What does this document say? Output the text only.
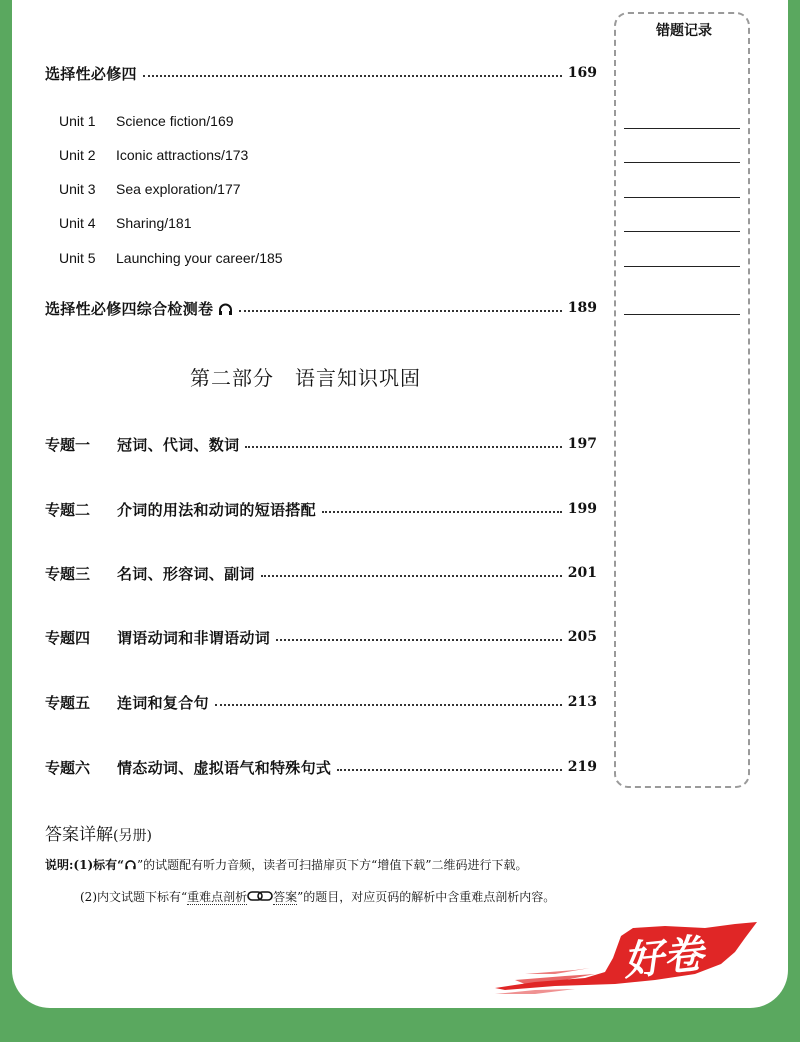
错题记录
选择性必修四	169
Unit 1 Science fiction/169
Unit 2 Iconic attractions/173
Unit 3 Sea exploration/177
Unit 4 Sharing/181
Unit 5 Launching your career/185
选择性必修四综合检测卷	189
第二部分　语言知识巩固
专题一	冠词、代词、数词	197
专题二	介词的用法和动词的短语搭配	199
专题三	名词、形容词、副词	201
专题四	谓语动词和非谓语动词	205
专题五	连词和复合句	213
专题六	情态动词、虚拟语气和特殊句式	219
答案详解(另册)
说明:(1)标有“ ”的试题配有听力音频，读者可扫描扉页下方“增值下载”二维码进行下载。
(2)内文试题下标有“重难点剖析 答案”的题目，对应页码的解析中含重难点剖析内容。
好卷
